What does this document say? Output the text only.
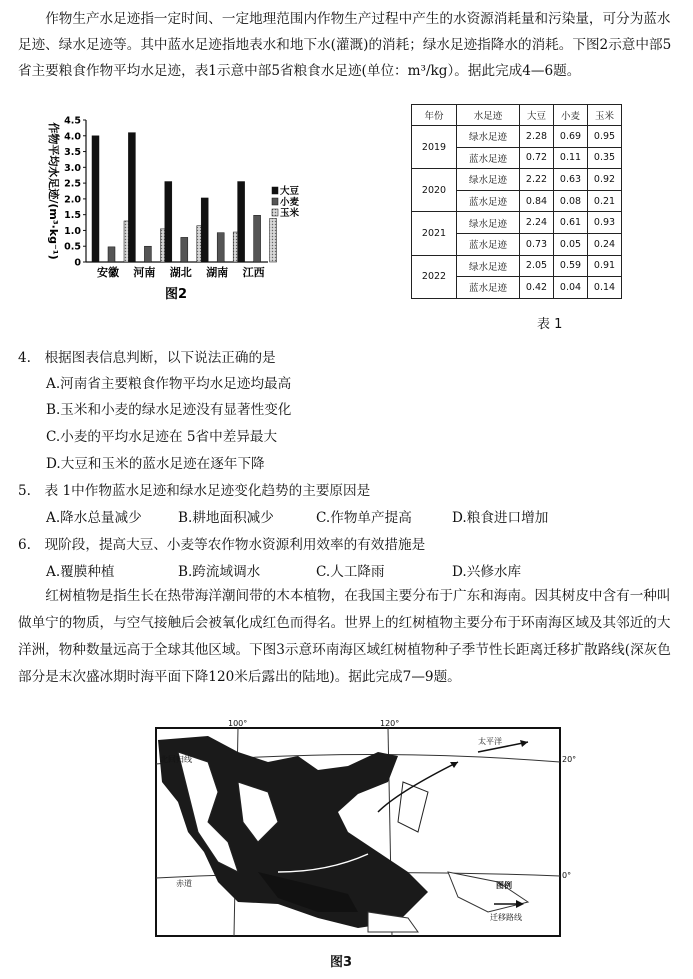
作物生产水足迹指一定时间、一定地理范围内作物生产过程中产生的水资源消耗量和污染量，可分为蓝水足迹、绿水足迹等。其中蓝水足迹指地表水和地下水(灌溉)的消耗；绿水足迹指降水的消耗。下图2示意中部5省主要粮食作物平均水足迹，表1示意中部5省粮食水足迹(单位：m³/kg）。据此完成4—6题。

作物平均水足迹/(m³·kg⁻¹)
0
0.5
1.0
1.5
2.0
2.5
3.0
3.5
4.0
4.5
安徽 河南 湖北 湖南 江西
大豆
小麦
玉米
图2
年份	水足迹	大豆	小麦	玉米
2019	绿水足迹	2.28	0.69	0.95
	蓝水足迹	0.72	0.11	0.35
2020	绿水足迹	2.22	0.63	0.92
	蓝水足迹	0.84	0.08	0.21
2021	绿水足迹	2.24	0.61	0.93
	蓝水足迹	0.73	0.05	0.24
2022	绿水足迹	2.05	0.59	0.91
	蓝水足迹	0.42	0.04	0.14
表 1
4.　根据图表信息判断，以下说法正确的是
A.河南省主要粮食作物平均水足迹均最高
B.玉米和小麦的绿水足迹没有显著性变化
C.小麦的平均水足迹在 5省中差异最大
D.大豆和玉米的蓝水足迹在逐年下降
5.　表 1中作物蓝水足迹和绿水足迹变化趋势的主要原因是
A.降水总量减少	B.耕地面积减少	C.作物单产提高	D.粮食进口增加
6.　现阶段，提高大豆、小麦等农作物水资源利用效率的有效措施是
A.覆膜种植	B.跨流域调水	C.人工降雨	D.兴修水库

红树植物是指生长在热带海洋潮间带的木本植物，在我国主要分布于广东和海南。因其树皮中含有一种叫做单宁的物质，与空气接触后会被氧化成红色而得名。世界上的红树植物主要分布于环南海区域及其邻近的大洋洲，物种数量远高于全球其他区域。下图3示意环南海区域红树植物种子季节性长距离迁移扩散路线(深灰色部分是末次盛冰期时海平面下降120米后露出的陆地)。据此完成7—9题。

100°	120°
20°
0°
北回归线
赤道
太平洋
图例
迁移路线
图3
